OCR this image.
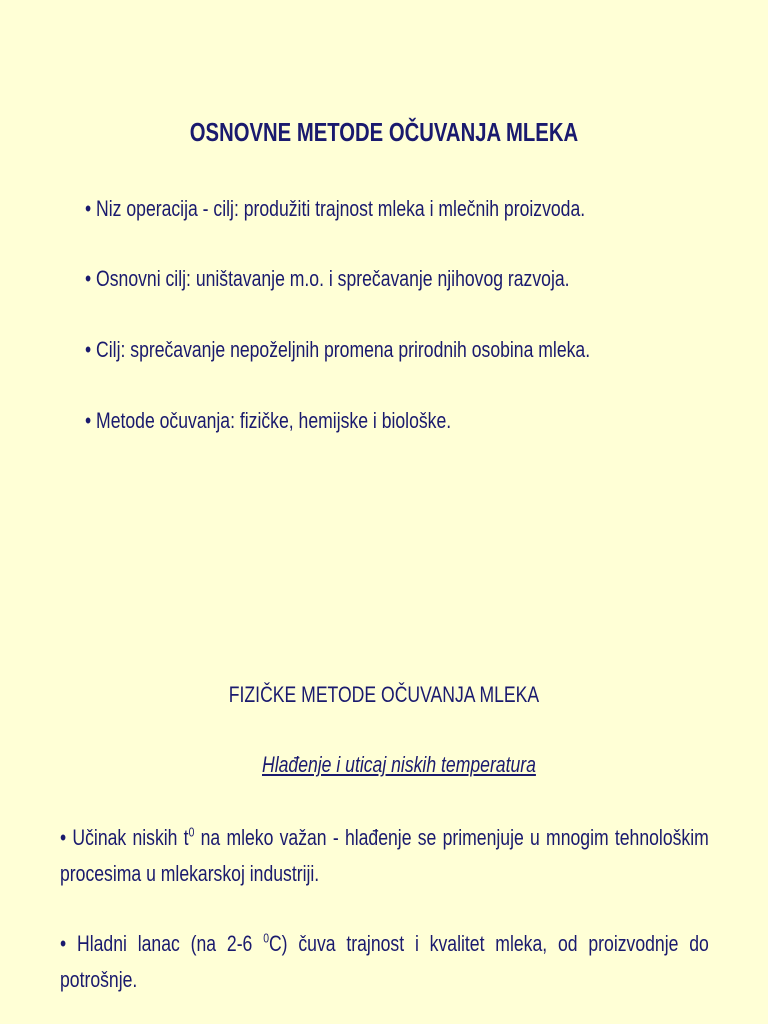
OSNOVNE METODE OČUVANJA MLEKA
• Niz operacija - cilj: produžiti trajnost mleka i mlečnih proizvoda.
• Osnovni cilj: uništavanje m.o. i sprečavanje njihovog razvoja.
• Cilj: sprečavanje nepoželjnih promena prirodnih osobina mleka.
• Metode očuvanja: fizičke, hemijske i biološke.
FIZIČKE METODE OČUVANJA MLEKA
Hlađenje i uticaj niskih temperatura
• Učinak niskih $t^0$ na mleko važan - hlađenje se primenjuje u mnogim tehnološkim procesima u mlekarskoj industriji.
• Hladni lanac (na 2-6 $^0$C) čuva trajnost i kvalitet mleka, od proizvodnje do potrošnje.
